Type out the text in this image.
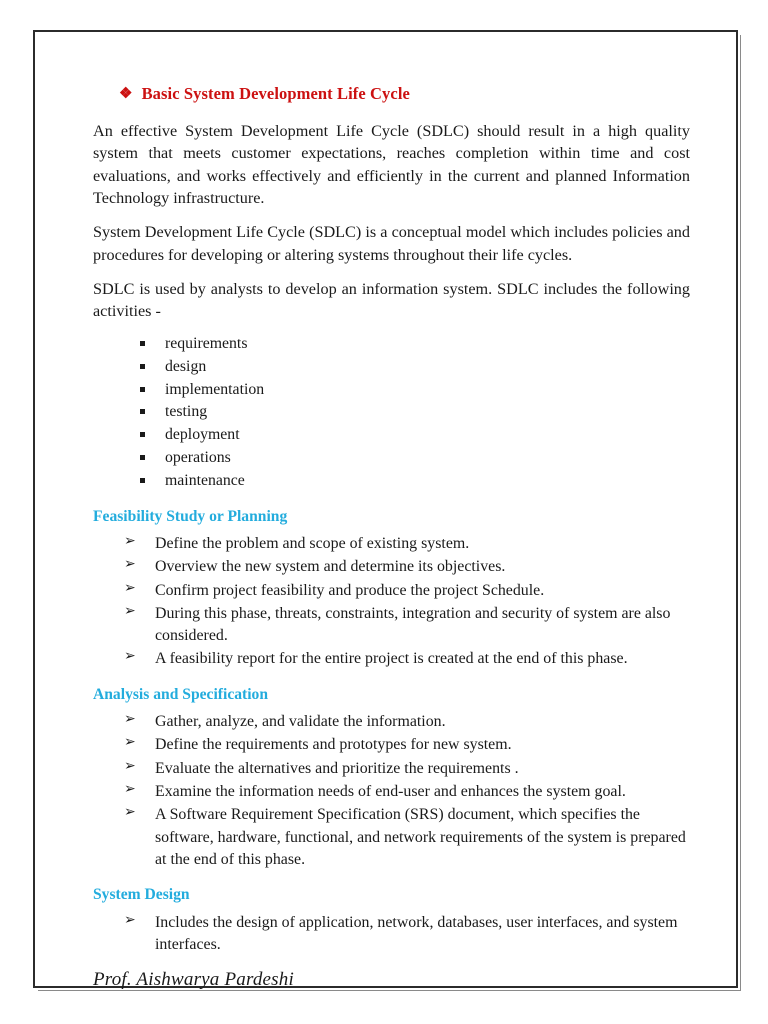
❖ Basic System Development Life Cycle

An effective System Development Life Cycle (SDLC) should result in a high quality system that meets customer expectations, reaches completion within time and cost evaluations, and works effectively and efficiently in the current and planned Information Technology infrastructure.

System Development Life Cycle (SDLC) is a conceptual model which includes policies and procedures for developing or altering systems throughout their life cycles.

SDLC is used by analysts to develop an information system. SDLC includes the following activities -

requirements
design
implementation
testing
deployment
operations
maintenance
Feasibility Study or Planning
➢ Define the problem and scope of existing system.
➢ Overview the new system and determine its objectives.
➢ Confirm project feasibility and produce the project Schedule.
➢ During this phase, threats, constraints, integration and security of system are also considered.
➢ A feasibility report for the entire project is created at the end of this phase.
Analysis and Specification
➢ Gather, analyze, and validate the information.
➢ Define the requirements and prototypes for new system.
➢ Evaluate the alternatives and prioritize the requirements .
➢ Examine the information needs of end-user and enhances the system goal.
➢ A Software Requirement Specification (SRS) document, which specifies the software, hardware, functional, and network requirements of the system is prepared at the end of this phase.
System Design
➢ Includes the design of application, network, databases, user interfaces, and system interfaces.
Prof. Aishwarya Pardeshi
